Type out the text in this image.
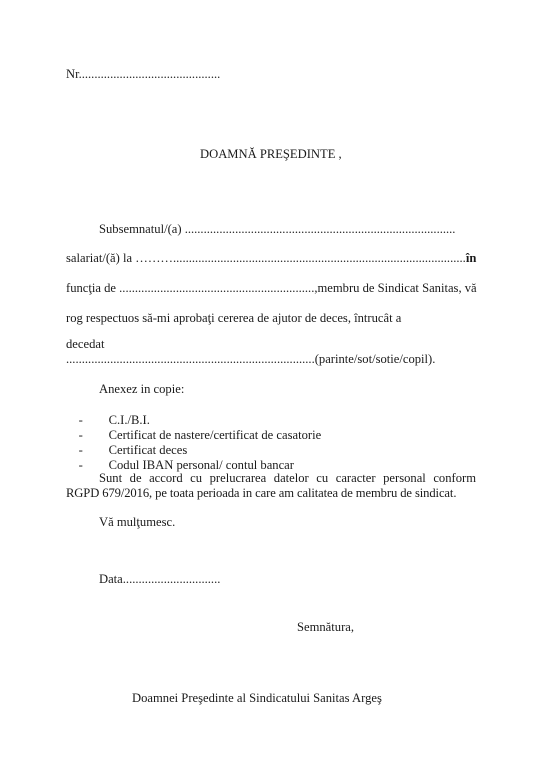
Nr.............................................
DOAMNĂ PREŞEDINTE ,
Subsemnatul/(a) ......................................................................................
salariat/(ă) la ……….................................... ......................................................... în
funcţia de .............................................................., membru de Sindicat Sanitas, vă
rog respectuos să-mi aprobaţi cererea de ajutor de deces, întrucât a
decedat
...............................................................................(parinte/sot/sotie/copil).
Anexez in copie:

- C.I./B.I.

- Certificat de nastere/certificat de casatorie

- Certificat deces

- Codul IBAN personal/ contul bancar

Sunt de accord cu prelucrarea datelor cu caracter personal conform
RGPD 679/2016, pe toata perioada in care am calitatea de membru de sindicat.
Vă mulţumesc.
Data...............................
Semnătura,
Doamnei Preşedinte al Sindicatului Sanitas Argeş
